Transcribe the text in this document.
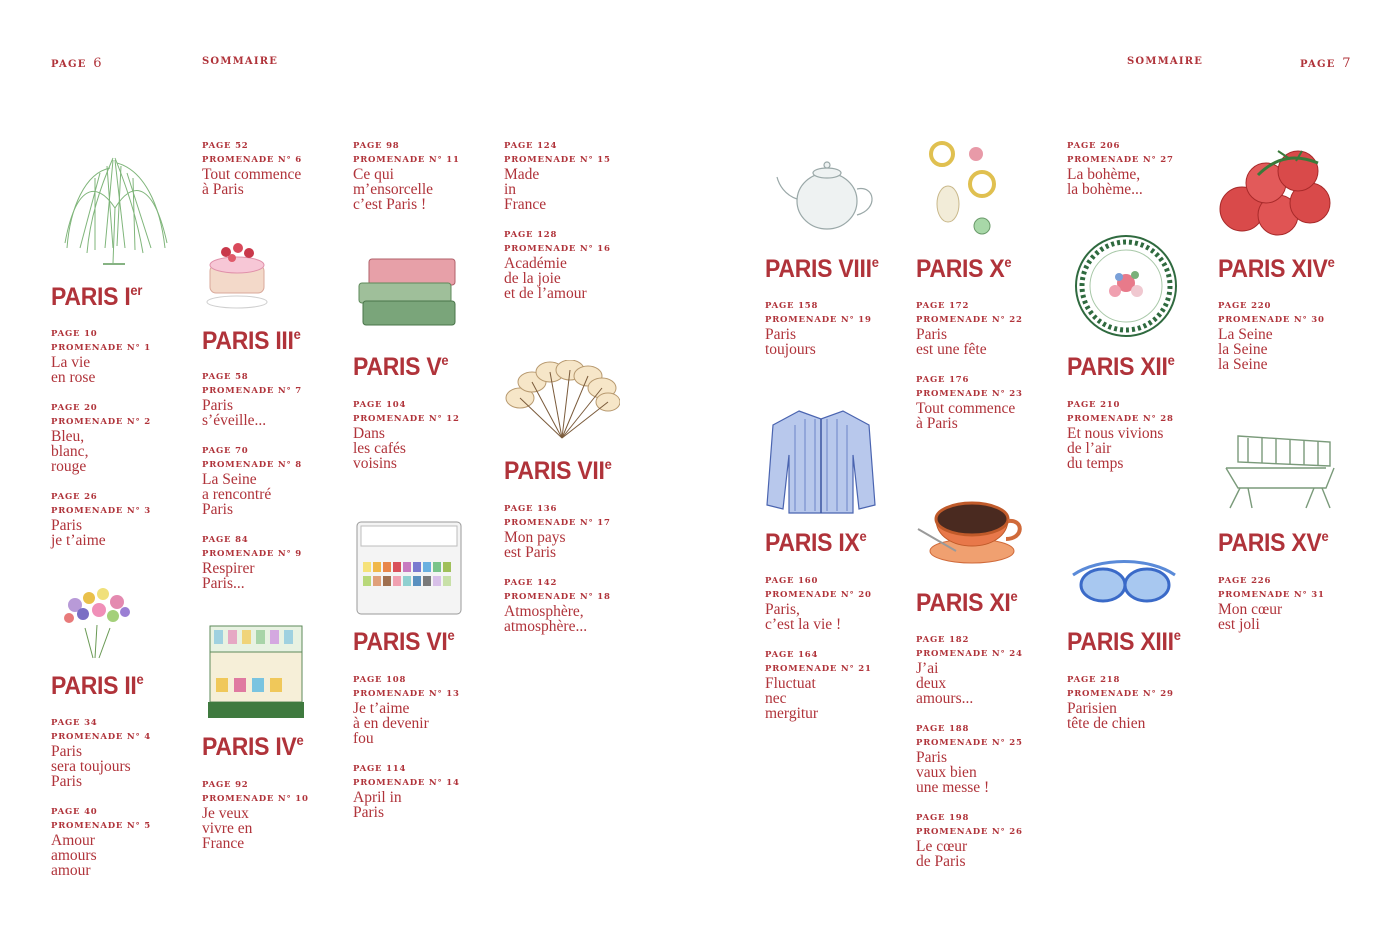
PAGE 6	SOMMAIRE	SOMMAIRE	PAGE 7
PARIS Ier
PAGE 10
PROMENADE N° 1
La vie
en rose
PAGE 20
PROMENADE N° 2
Bleu,
blanc,
rouge
PAGE 26
PROMENADE N° 3
Paris
je t’aime
PARIS IIe
PAGE 34
PROMENADE N° 4
Paris
sera toujours
Paris
PAGE 40
PROMENADE N° 5
Amour
amours
amour
PAGE 52
PROMENADE N° 6
Tout commence
à Paris
PARIS IIIe
PAGE 58
PROMENADE N° 7
Paris
s’éveille...
PAGE 70
PROMENADE N° 8
La Seine
a rencontré
Paris
PAGE 84
PROMENADE N° 9
Respirer
Paris...
PARIS IVe
PAGE 92
PROMENADE N° 10
Je veux
vivre en
France
PAGE 98
PROMENADE N° 11
Ce qui
m’ensorcelle
c’est Paris !
PARIS Ve
PAGE 104
PROMENADE N° 12
Dans
les cafés
voisins
PARIS VIe
PAGE 108
PROMENADE N° 13
Je t’aime
à en devenir
fou
PAGE 114
PROMENADE N° 14
April in
Paris
PAGE 124
PROMENADE N° 15
Made
in
France
PAGE 128
PROMENADE N° 16
Académie
de la joie
et de l’amour
PARIS VIIe
PAGE 136
PROMENADE N° 17
Mon pays
est Paris
PAGE 142
PROMENADE N° 18
Atmosphère,
atmosphère...
PARIS VIIIe
PAGE 158
PROMENADE N° 19
Paris
toujours
PARIS IXe
PAGE 160
PROMENADE N° 20
Paris,
c’est la vie !
PAGE 164
PROMENADE N° 21
Fluctuat
nec
mergitur
PARIS Xe
PAGE 172
PROMENADE N° 22
Paris
est une fête
PAGE 176
PROMENADE N° 23
Tout commence
à Paris
PARIS XIe
PAGE 182
PROMENADE N° 24
J’ai
deux
amours...
PAGE 188
PROMENADE N° 25
Paris
vaux bien
une messe !
PAGE 198
PROMENADE N° 26
Le cœur
de Paris
PAGE 206
PROMENADE N° 27
La bohème,
la bohème...
PARIS XIIe
PAGE 210
PROMENADE N° 28
Et nous vivions
de l’air
du temps
PARIS XIIIe
PAGE 218
PROMENADE N° 29
Parisien
tête de chien
PARIS XIVe
PAGE 220
PROMENADE N° 30
La Seine
la Seine
la Seine
PARIS XVe
PAGE 226
PROMENADE N° 31
Mon cœur
est joli
